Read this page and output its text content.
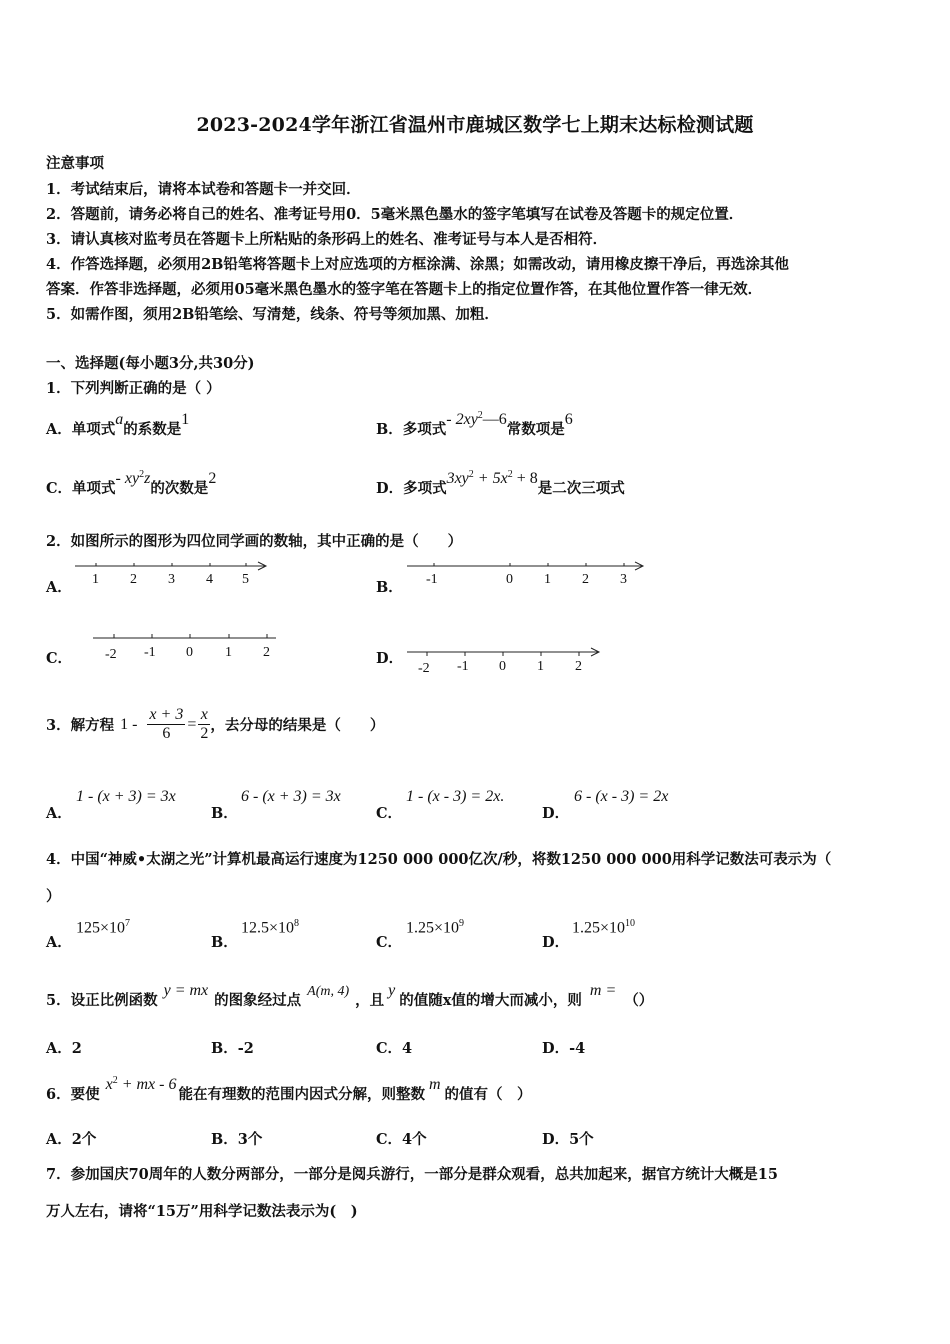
2023-2024学年浙江省温州市鹿城区数学七上期末达标检测试题
注意事项
1．考试结束后，请将本试卷和答题卡一并交回．
2．答题前，请务必将自己的姓名、准考证号用0．5毫米黑色墨水的签字笔填写在试卷及答题卡的规定位置．
3．请认真核对监考员在答题卡上所粘贴的条形码上的姓名、准考证号与本人是否相符．
4．作答选择题，必须用2B铅笔将答题卡上对应选项的方框涂满、涂黑；如需改动，请用橡皮擦干净后，再选涂其他
答案．作答非选择题，必须用05毫米黑色墨水的签字笔在答题卡上的指定位置作答，在其他位置作答一律无效．
5．如需作图，须用2B铅笔绘、写清楚，线条、符号等须加黑、加粗．
一、选择题(每小题3分,共30分)
1．下列判断正确的是（ ）
A．单项式a的系数是1
B．多项式- $2xy^2—6$常数项是6
C．单项式- $xy^2z$的次数是2
D．多项式$3xy^2 + 5x^2 + 8$是二次三项式
2．如图所示的图形为四位同学画的数轴，其中正确的是（　　）
A． 1 2 3 4 5	B． -1	0 1 2 3
C． -2 -1 0 1 2	D．
-2 -1 0 1 2
3．解方程 $1 - \frac{x + 3}{6} = \frac{x}{2}$ ，去分母的结果是（　　）
A．
1 - (x + 3) = 3x
B．
6 - (x + 3) = 3x
C．
1 - (x - 3) = 2x.
D．
6 - (x - 3) = 2x
4．中国“神威•太湖之光”计算机最高运行速度为1250 000 000亿次/秒，将数1250 000 000用科学记数法可表示为（
）
A．
$125\times 10^7$
B．
$12.5\times 10^8$
C．
$1.25\times 10^9$
D．
$1.25\times 10^{10}$
5．设正比例函数y = mx的图象经过点A(m, 4)，且y的值随x值的增大而减小，则m =（）
A．2	B．-2	C．4	D．-4
6．要使$x^2$ + mx - 6能在有理数的范围内因式分解，则整数m的值有（　）
A．2个	B．3个	C．4个	D．5个
7．参加国庆70周年的人数分两部分，一部分是阅兵游行，一部分是群众观看，总共加起来，据官方统计大概是15
万人左右，请将“15万”用科学记数法表示为(　)
